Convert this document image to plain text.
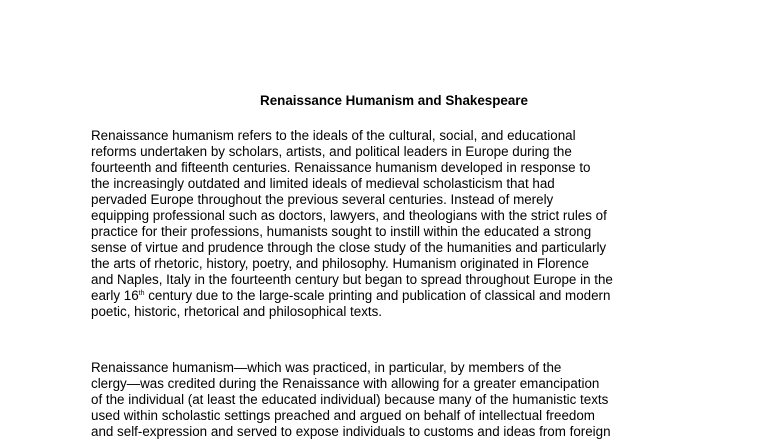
Renaissance Humanism and Shakespeare

Renaissance humanism refers to the ideals of the cultural, social, and educational
reforms undertaken by scholars, artists, and political leaders in Europe during the
fourteenth and fifteenth centuries. Renaissance humanism developed in response to
the increasingly outdated and limited ideals of medieval scholasticism that had
pervaded Europe throughout the previous several centuries. Instead of merely
equipping professional such as doctors, lawyers, and theologians with the strict rules of
practice for their professions, humanists sought to instill within the educated a strong
sense of virtue and prudence through the close study of the humanities and particularly
the arts of rhetoric, history, poetry, and philosophy. Humanism originated in Florence
and Naples, Italy in the fourteenth century but began to spread throughout Europe in the
early 16th century due to the large-scale printing and publication of classical and modern
poetic, historic, rhetorical and philosophical texts.

Renaissance humanism—which was practiced, in particular, by members of the
clergy—was credited during the Renaissance with allowing for a greater emancipation
of the individual (at least the educated individual) because many of the humanistic texts
used within scholastic settings preached and argued on behalf of intellectual freedom
and self-expression and served to expose individuals to customs and ideas from foreign
